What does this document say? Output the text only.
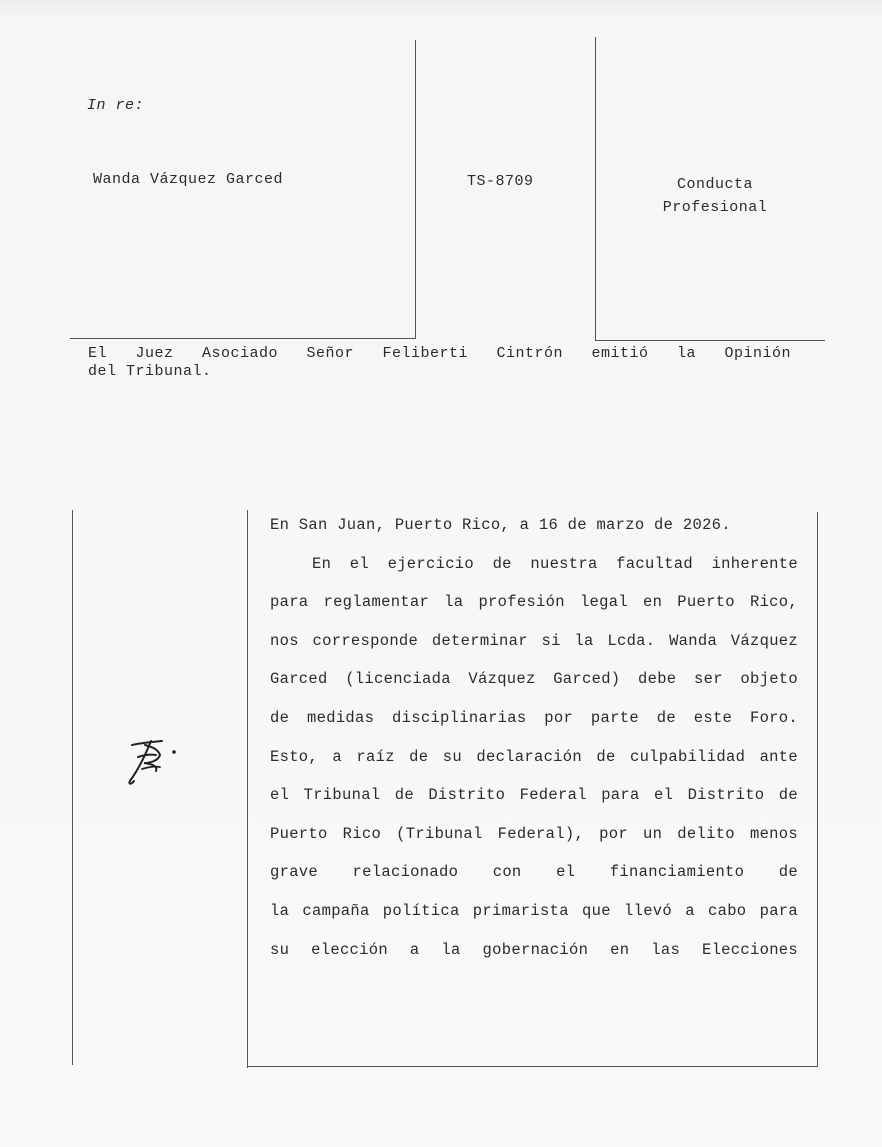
In re:
Wanda Vázquez Garced	TS-8709	Conducta
Profesional
El Juez Asociado Señor Feliberti Cintrón emitió la Opinión
del Tribunal.
En San Juan, Puerto Rico, a 16 de marzo de 2026.
En el ejercicio de nuestra facultad inherente
para reglamentar la profesión legal en Puerto Rico,
nos corresponde determinar si la Lcda. Wanda Vázquez
Garced (licenciada Vázquez Garced) debe ser objeto
de medidas disciplinarias por parte de este Foro.
Esto, a raíz de su declaración de culpabilidad ante
el Tribunal de Distrito Federal para el Distrito de
Puerto Rico (Tribunal Federal), por un delito menos
grave relacionado con el financiamiento de
la campaña política primarista que llevó a cabo para
su elección a la gobernación en las Elecciones
